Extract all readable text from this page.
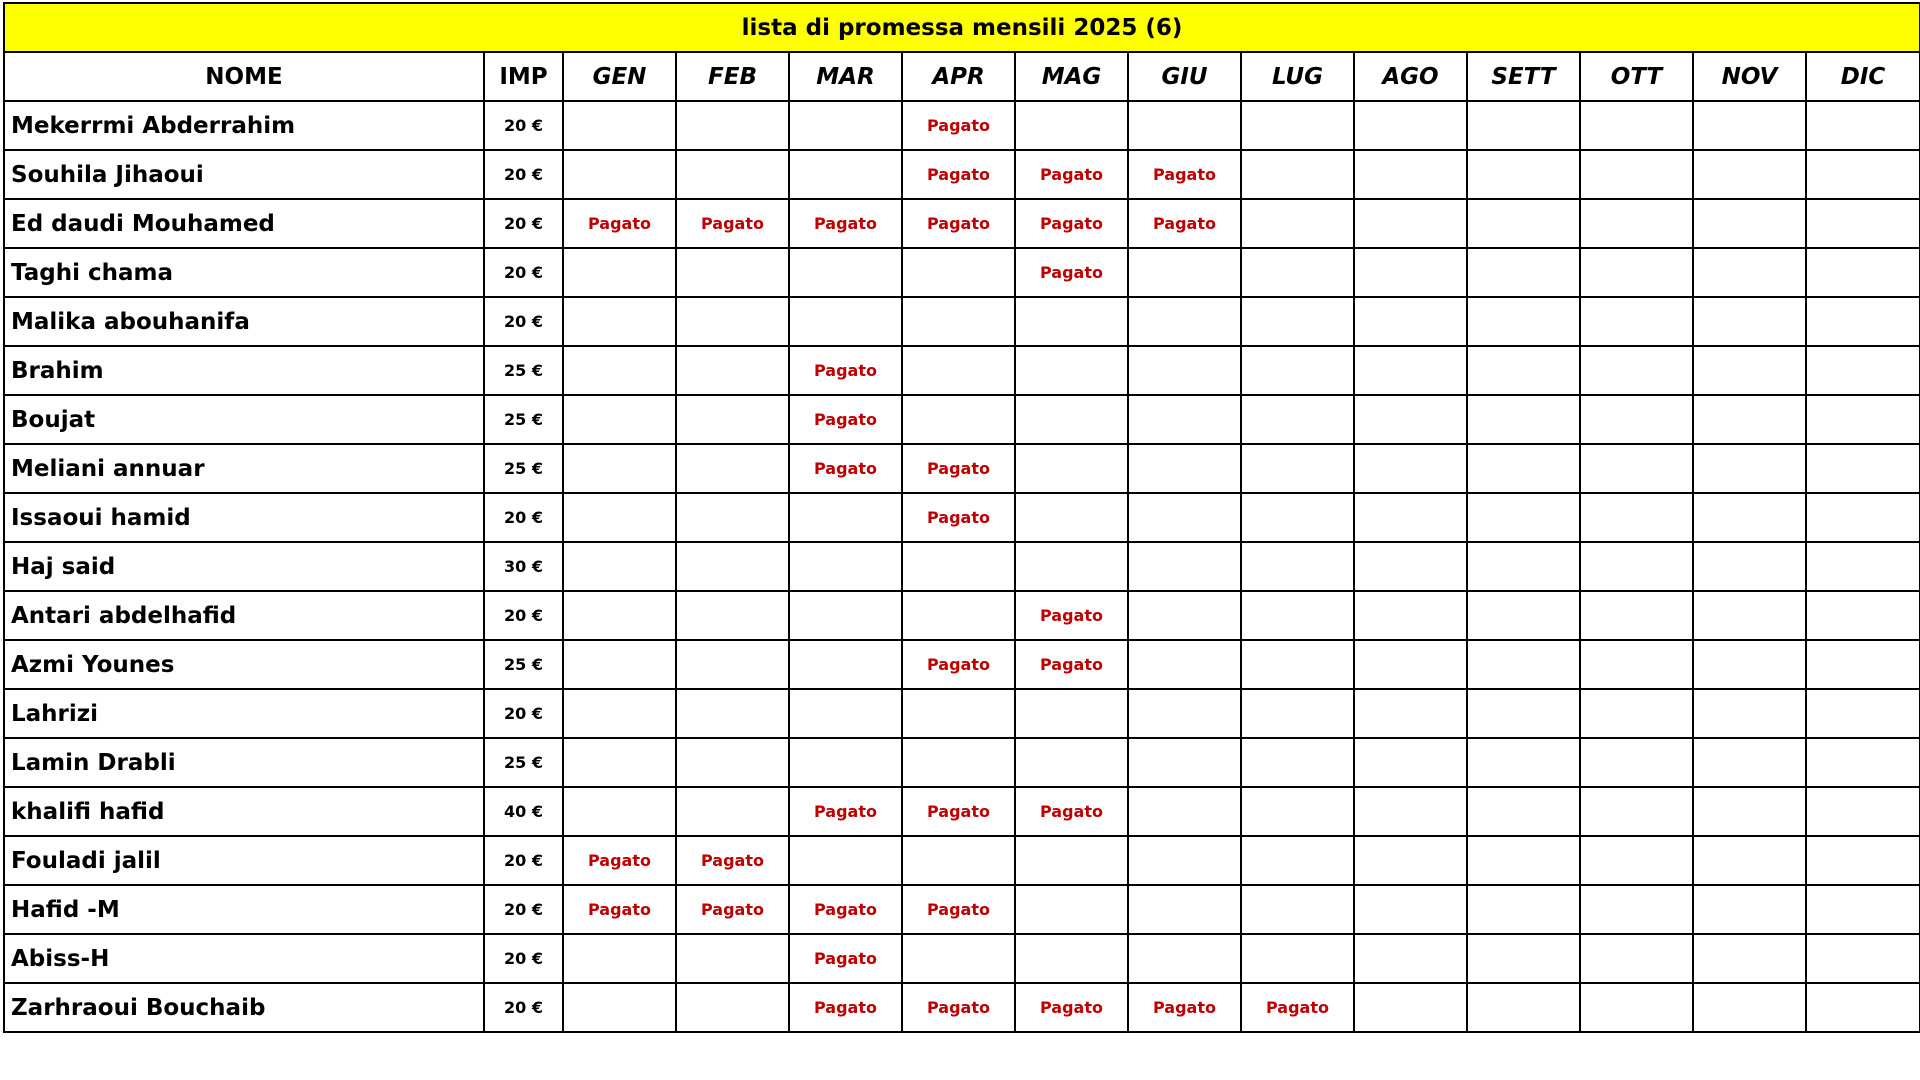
lista di promessa mensili 2025 (6)													
NOME	IMP	GEN	FEB	MAR	APR	MAG	GIU	LUG	AGO	SETT	OTT	NOV	DIC
Mekerrmi Abderrahim	20 €				Pagato								
Souhila Jihaoui	20 €				Pagato	Pagato	Pagato						
Ed daudi Mouhamed	20 €	Pagato	Pagato	Pagato	Pagato	Pagato	Pagato						
Taghi chama	20 €					Pagato							
Malika abouhanifa	20 €												
Brahim	25 €			Pagato									
Boujat	25 €			Pagato									
Meliani annuar	25 €			Pagato	Pagato								
Issaoui hamid	20 €				Pagato								
Haj said	30 €												
Antari abdelhafid	20 €					Pagato							
Azmi Younes	25 €				Pagato	Pagato							
Lahrizi	20 €												
Lamin Drabli	25 €												
khalifi hafid	40 €			Pagato	Pagato	Pagato							
Fouladi jalil	20 €	Pagato	Pagato										
Hafid -M	20 €	Pagato	Pagato	Pagato	Pagato								
Abiss-H	20 €			Pagato									
Zarhraoui Bouchaib	20 €			Pagato	Pagato	Pagato	Pagato	Pagato					
